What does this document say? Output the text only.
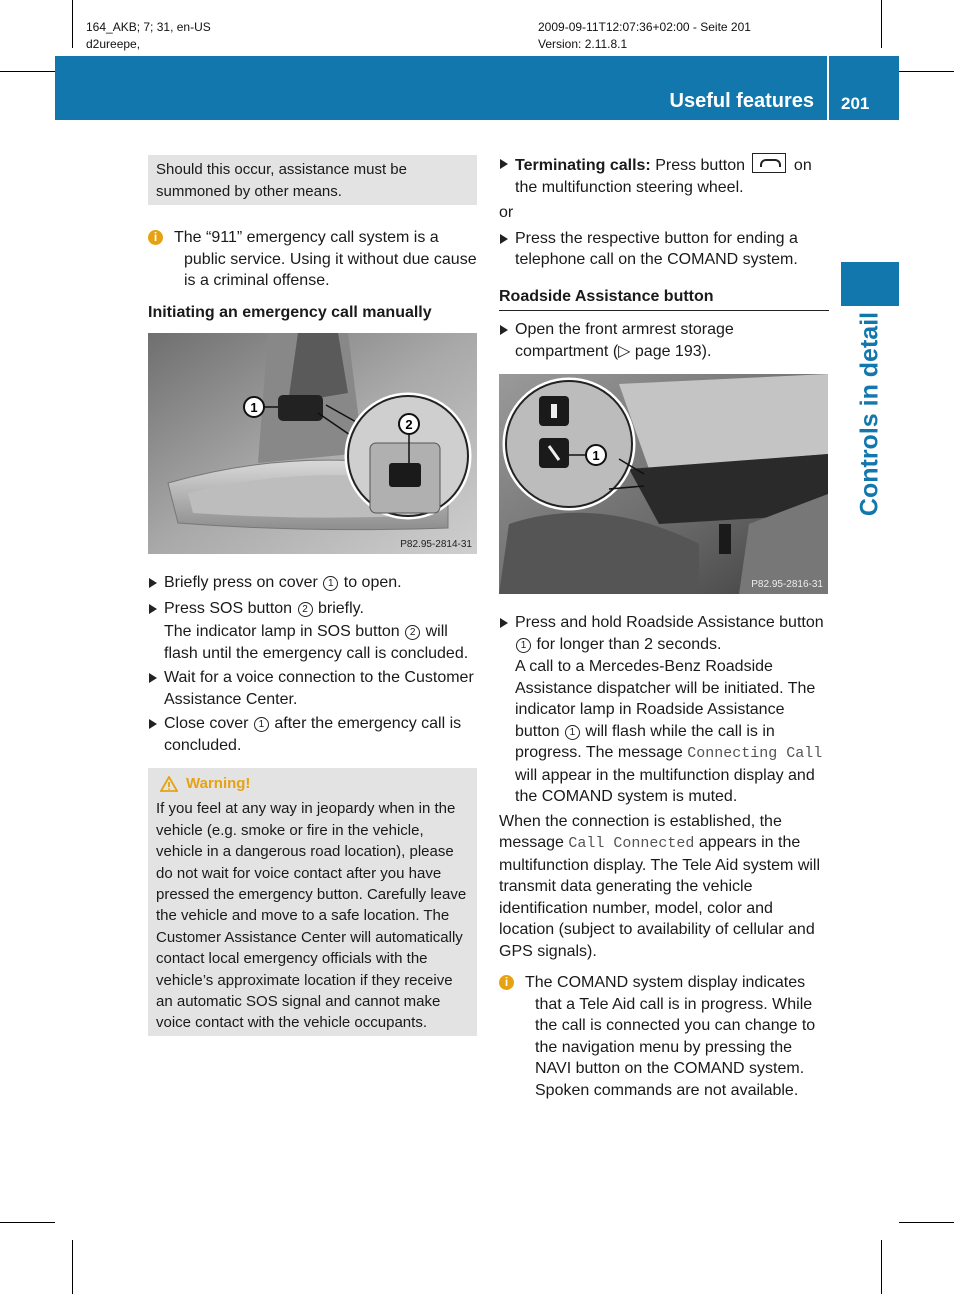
164_AKB; 7; 31, en-US
d2ureepe,
2009-09-11T12:07:36+02:00 - Seite 201
Version: 2.11.8.1
Useful features 201
Controls in detail
Should this occur, assistance must be summoned by other means.
i	The “911” emergency call system is a public service. Using it without due cause is a criminal offense.

Initiating an emergency call manually

1
2
P82.95-2814-31
Briefly press on cover 1 to open.
Press SOS button 2 briefly.

The indicator lamp in SOS button 2 will flash until the emergency call is concluded.

Wait for a voice connection to the Customer Assistance Center.
Close cover 1 after the emergency call is concluded.
Warning!

If you feel at any way in jeopardy when in the vehicle (e.g. smoke or fire in the vehicle, vehicle in a dangerous road location), please do not wait for voice contact after you have pressed the emergency button. Carefully leave the vehicle and move to a safe location. The Customer Assistance Center will automatically contact local emergency officials with the vehicle’s approximate location if they receive an automatic SOS signal and cannot make voice contact with the vehicle occupants.

Terminating calls: Press button	on the multifunction steering wheel.

or

Press the respective button for ending a telephone call on the COMAND system.

Roadside Assistance button

Open the front armrest storage compartment (▷ page 193).
1
P82.95-2816-31
Press and hold Roadside Assistance button 1 for longer than 2 seconds.

A call to a Mercedes-Benz Roadside Assistance dispatcher will be initiated. The indicator lamp in Roadside Assistance button 1 will flash while the call is in progress. The message Connecting Call will appear in the multifunction display and the COMAND system is muted.

When the connection is established, the message Call Connected appears in the multifunction display. The Tele Aid system will transmit data generating the vehicle identification number, model, color and location (subject to availability of cellular and GPS signals).

i	The COMAND system display indicates that a Tele Aid call is in progress. While the call is connected you can change to the navigation menu by pressing the NAVI button on the COMAND system. Spoken commands are not available.
